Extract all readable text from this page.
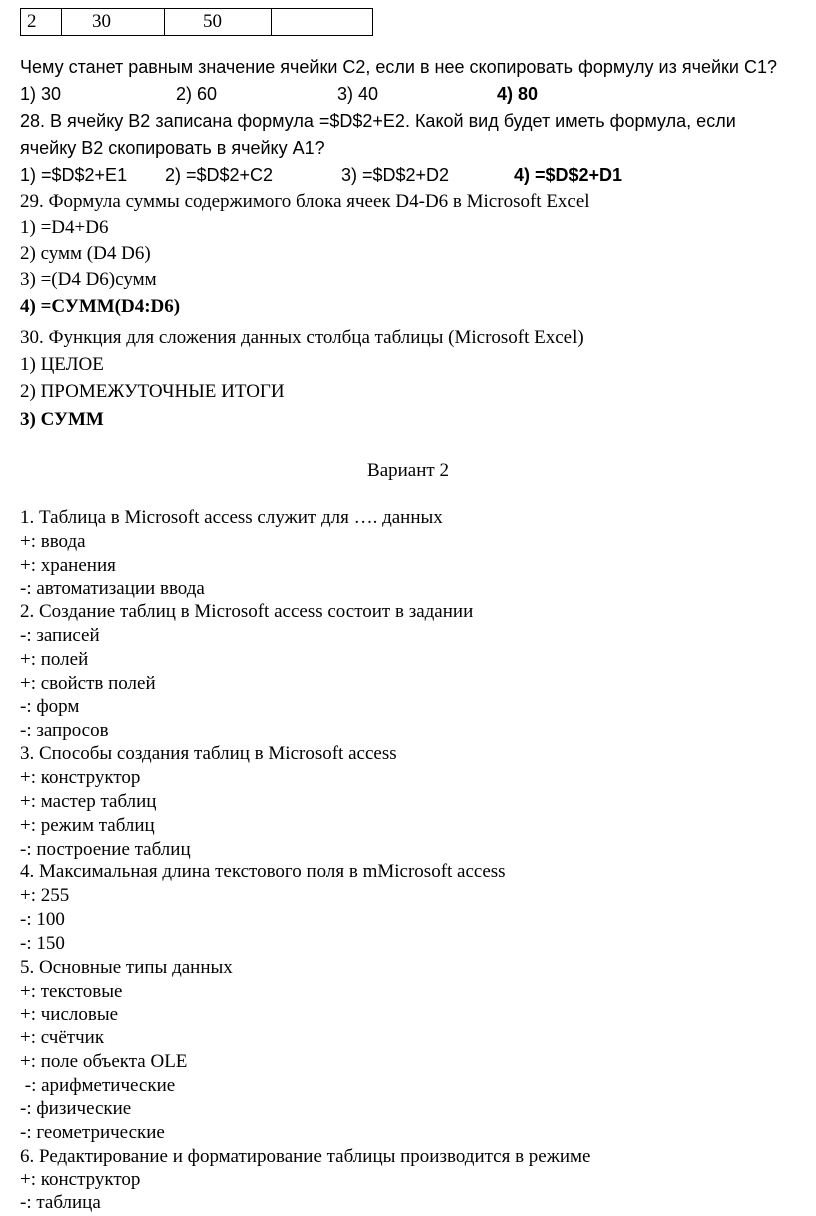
2	30	50	
Чему станет равным значение ячейки С2, если в нее скопировать формулу из ячейки С1?
1) 30	2) 60	3) 40	4) 80
28. В ячейку В2 записана формула =$D$2+E2. Какой вид будет иметь формула, если
ячейку В2 скопировать в ячейку А1?
1) =$D$2+E1 2) =$D$2+C2	3) =$D$2+D2	4) =$D$2+D1
29. Формула суммы содержимого блока ячеек D4-D6 в Microsoft Excel
1) =D4+D6
2) сумм (D4 D6)
3) =(D4 D6)сумм
4) =СУММ(D4:D6)
30. Функция для сложения данных столбца таблицы (Microsoft Excel)
1) ЦЕЛОЕ
2) ПРОМЕЖУТОЧНЫЕ ИТОГИ
3) СУММ
Вариант 2
1. Таблица в Microsoft access служит для …. данных
+: ввода
+: хранения
-: автоматизации ввода
2. Создание таблиц в Microsoft access состоит в задании
-: записей
+: полей
+: свойств полей
-: форм
-: запросов
3. Способы создания таблиц в Microsoft access
+: конструктор
+: мастер таблиц
+: режим таблиц
-: построение таблиц
4. Максимальная длина текстового поля в mMicrosoft access
+: 255
-: 100
-: 150
5. Основные типы данных
+: текстовые
+: числовые
+: счётчик
+: поле объекта OLE
-: арифметические
-: физические
-: геометрические
6. Редактирование и форматирование таблицы производится в режиме
+: конструктор
-: таблица
